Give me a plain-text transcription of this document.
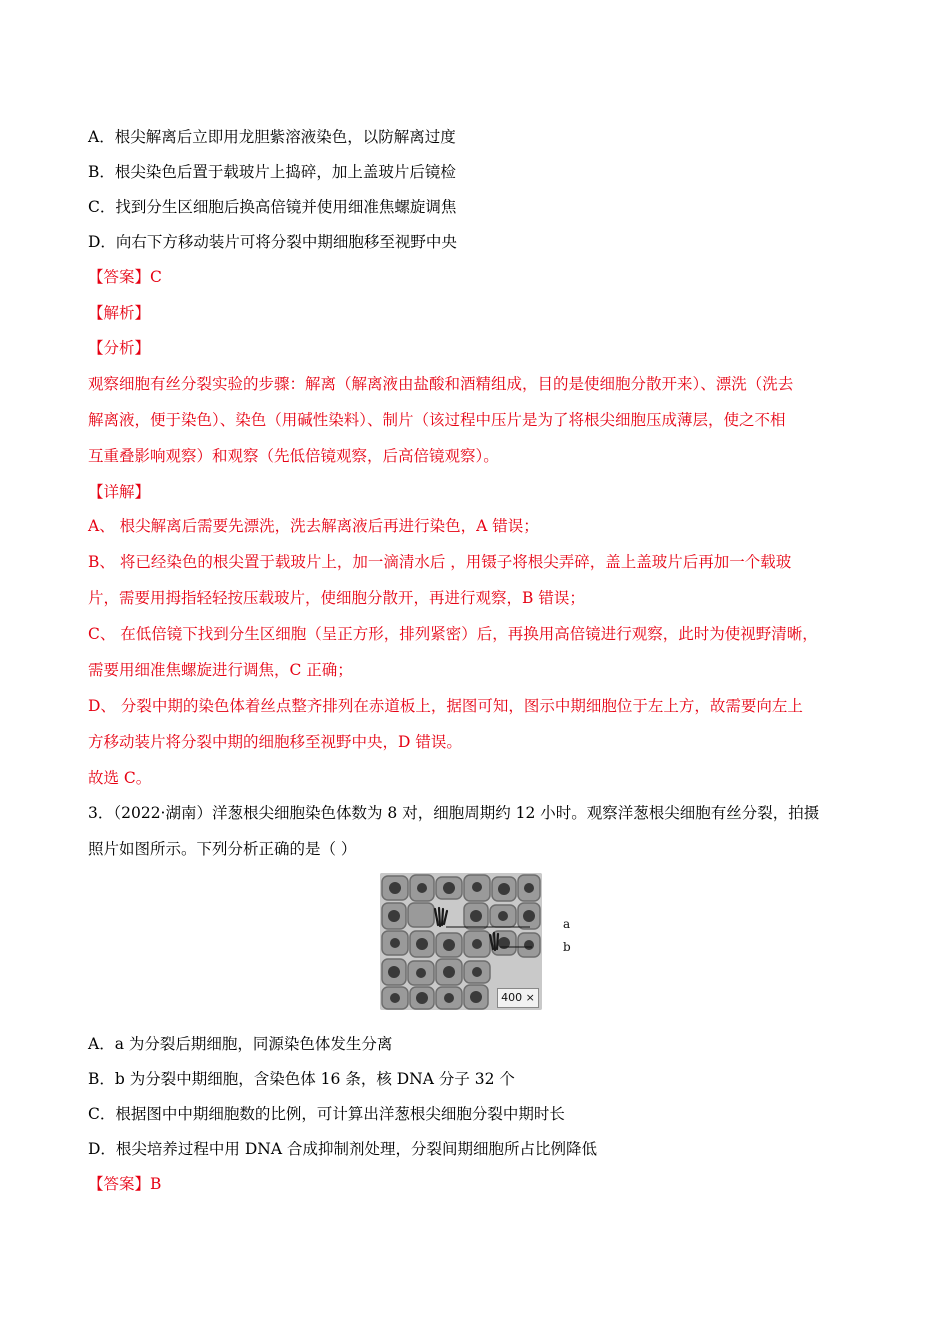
A．根尖解离后立即用龙胆紫溶液染色，以防解离过度
B．根尖染色后置于载玻片上捣碎，加上盖玻片后镜检
C．找到分生区细胞后换高倍镜并使用细准焦螺旋调焦
D．向右下方移动装片可将分裂中期细胞移至视野中央
【答案】C
【解析】
【分析】
观察细胞有丝分裂实验的步骤：解离（解离液由盐酸和酒精组成，目的是使细胞分散开来）、漂洗（洗去
解离液，便于染色）、染色（用碱性染料）、制片（该过程中压片是为了将根尖细胞压成薄层，使之不相
互重叠影响观察）和观察（先低倍镜观察，后高倍镜观察）。
【详解】
A、 根尖解离后需要先漂洗，洗去解离液后再进行染色，A 错误；
B、 将已经染色的根尖置于载玻片上，加一滴清水后 ，用镊子将根尖弄碎，盖上盖玻片后再加一个载玻
片，需要用拇指轻轻按压载玻片，使细胞分散开，再进行观察，B 错误；
C、 在低倍镜下找到分生区细胞（呈正方形，排列紧密）后，再换用高倍镜进行观察，此时为使视野清晰，
需要用细准焦螺旋进行调焦，C 正确；
D、 分裂中期的染色体着丝点整齐排列在赤道板上，据图可知，图示中期细胞位于左上方，故需要向左上
方移动装片将分裂中期的细胞移至视野中央，D 错误。
故选 C。
3．（2022·湖南）洋葱根尖细胞染色体数为 8 对，细胞周期约 12 小时。观察洋葱根尖细胞有丝分裂，拍摄
照片如图所示。下列分析正确的是（ ）
a
b
400 ×
A．a 为分裂后期细胞，同源染色体发生分离
B．b 为分裂中期细胞，含染色体 16 条，核 DNA 分子 32 个
C．根据图中中期细胞数的比例，可计算出洋葱根尖细胞分裂中期时长
D．根尖培养过程中用 DNA 合成抑制剂处理，分裂间期细胞所占比例降低
【答案】B
